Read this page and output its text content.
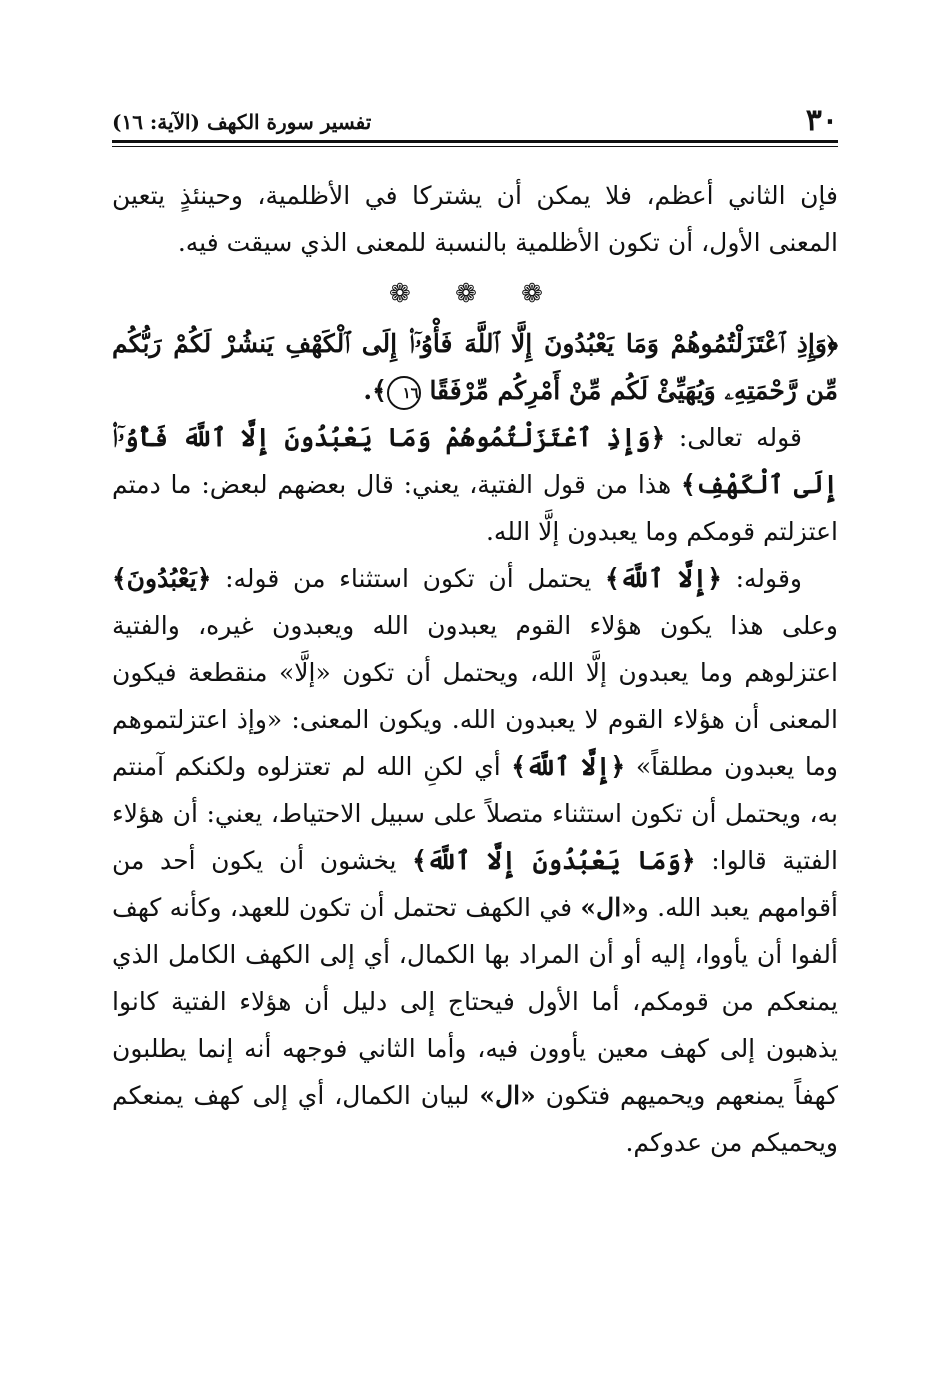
٣٠
تفسير سورة الكهف (الآية: ١٦)

فإن الثاني أعظم، فلا يمكن أن يشتركا في الأظلمية، وحينئذٍ يتعين المعنى الأول، أن تكون الأظلمية بالنسبة للمعنى الذي سيقت فيه.

❁ ❁ ❁

﴿وَإِذِ ٱعْتَزَلْتُمُوهُمْ وَمَا يَعْبُدُونَ إِلَّا ٱللَّهَ فَأْوُۥٓا۟ إِلَى ٱلْكَهْفِ يَنشُرْ لَكُمْ رَبُّكُم مِّن رَّحْمَتِهِۦ وَيُهَيِّئْ لَكُم مِّنْ أَمْرِكُم مِّرْفَقًا ١٦﴾.

قوله تعالى: ﴿وَإِذِ ٱعْتَزَلْتُمُوهُمْ وَمَا يَعْبُدُونَ إِلَّا ٱللَّهَ فَأْوُۥٓا۟ إِلَى ٱلْكَهْفِ﴾ هذا من قول الفتية، يعني: قال بعضهم لبعض: ما دمتم اعتزلتم قومكم وما يعبدون إلَّا الله.

وقوله: ﴿إِلَّا ٱللَّهَ﴾ يحتمل أن تكون استثناء من قوله: ﴿يَعْبُدُونَ﴾ وعلى هذا يكون هؤلاء القوم يعبدون الله ويعبدون غيره، والفتية اعتزلوهم وما يعبدون إلَّا الله، ويحتمل أن تكون «إلَّا» منقطعة فيكون المعنى أن هؤلاء القوم لا يعبدون الله. ويكون المعنى: «وإذ اعتزلتموهم وما يعبدون مطلقاً» ﴿إِلَّا ٱللَّهَ﴾ أي لكنِ الله لم تعتزلوه ولكنكم آمنتم به، ويحتمل أن تكون استثناء متصلاً على سبيل الاحتياط، يعني: أن هؤلاء الفتية قالوا: ﴿وَمَا يَعْبُدُونَ إِلَّا ٱللَّهَ﴾ يخشون أن يكون أحد من أقوامهم يعبد الله. و«ال» في الكهف تحتمل أن تكون للعهد، وكأنه كهف ألفوا أن يأووا، إليه أو أن المراد بها الكمال، أي إلى الكهف الكامل الذي يمنعكم من قومكم، أما الأول فيحتاج إلى دليل أن هؤلاء الفتية كانوا يذهبون إلى كهف معين يأوون فيه، وأما الثاني فوجهه أنه إنما يطلبون كهفاً يمنعهم ويحميهم فتكون «ال» لبيان الكمال، أي إلى كهف يمنعكم ويحميكم من عدوكم.
